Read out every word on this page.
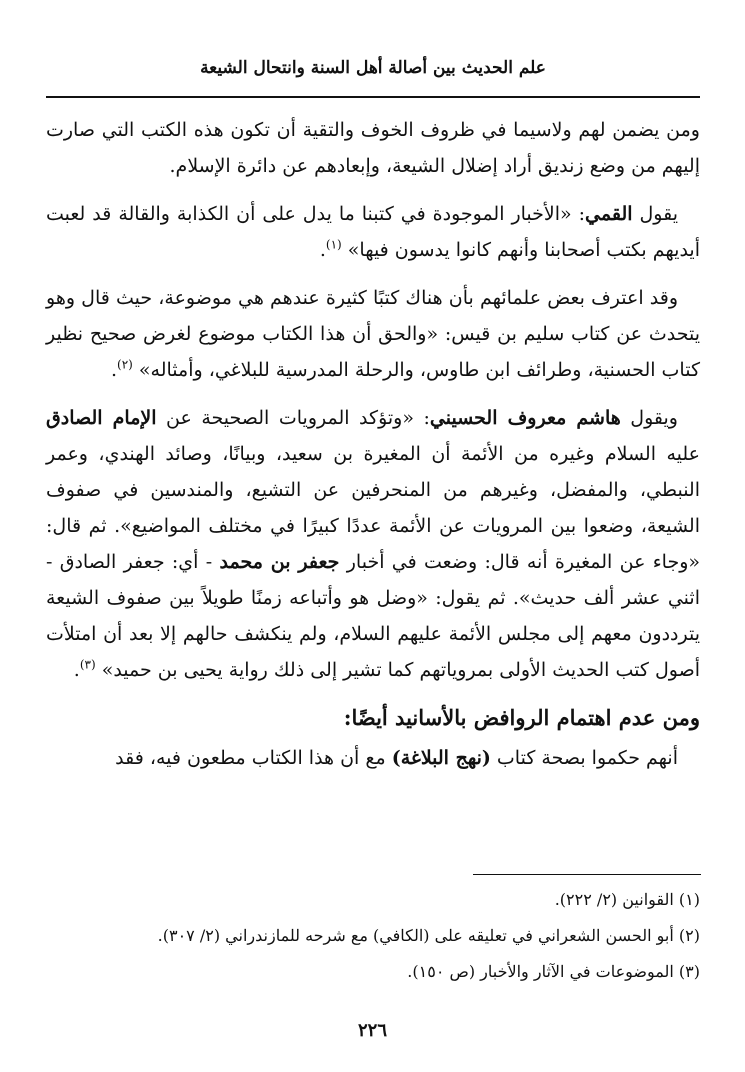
علم الحديث بين أصالة أهل السنة وانتحال الشيعة

ومن يضمن لهم ولاسيما في ظروف الخوف والتقية أن تكون هذه الكتب التي صارت إليهم من وضع زنديق أراد إضلال الشيعة، وإبعادهم عن دائرة الإسلام.

يقول القمي: «الأخبار الموجودة في كتبنا ما يدل على أن الكذابة والقالة قد لعبت أيديهم بكتب أصحابنا وأنهم كانوا يدسون فيها» $^{(١)}$.

وقد اعترف بعض علمائهم بأن هناك كتبًا كثيرة عندهم هي موضوعة، حيث قال وهو يتحدث عن كتاب سليم بن قيس: «والحق أن هذا الكتاب موضوع لغرض صحيح نظير كتاب الحسنية، وطرائف ابن طاوس، والرحلة المدرسية للبلاغي، وأمثاله» $^{(٢)}$.

ويقول هاشم معروف الحسيني: «وتؤكد المرويات الصحيحة عن الإمام الصادق عليه السلام وغيره من الأئمة أن المغيرة بن سعيد، وبيانًا، وصائد الهندي، وعمر النبطي، والمفضل، وغيرهم من المنحرفين عن التشيع، والمندسين في صفوف الشيعة، وضعوا بين المرويات عن الأئمة عددًا كبيرًا في مختلف المواضيع». ثم قال: «وجاء عن المغيرة أنه قال: وضعت في أخبار جعفر بن محمد - أي: جعفر الصادق - اثني عشر ألف حديث». ثم يقول: «وضل هو وأتباعه زمنًا طويلاً بين صفوف الشيعة يترددون معهم إلى مجلس الأئمة عليهم السلام، ولم ينكشف حالهم إلا بعد أن امتلأت أصول كتب الحديث الأولى بمروياتهم كما تشير إلى ذلك رواية يحيى بن حميد» $^{(٣)}$.

ومن عدم اهتمام الروافض بالأسانيد أيضًا:

أنهم حكموا بصحة كتاب (نهج البلاغة) مع أن هذا الكتاب مطعون فيه، فقد

(١) القوانين (٢/ ٢٢٢).

(٢) أبو الحسن الشعراني في تعليقه على (الكافي) مع شرحه للمازندراني (٢/ ٣٠٧).

(٣) الموضوعات في الآثار والأخبار (ص ١٥٠).

٢٢٦
